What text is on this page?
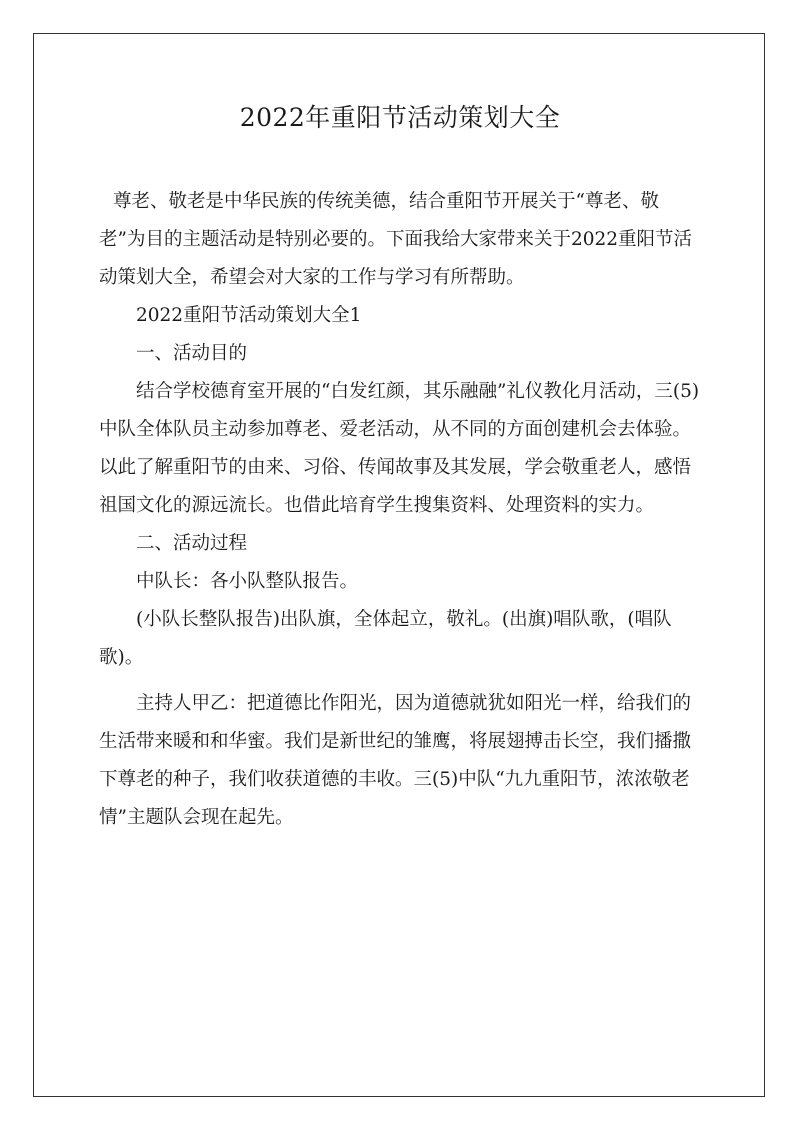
2022年重阳节活动策划大全

尊老、敬老是中华民族的传统美德，结合重阳节开展关于“尊老、敬老”为目的主题活动是特别必要的。下面我给大家带来关于2022重阳节活动策划大全，希望会对大家的工作与学习有所帮助。

2022重阳节活动策划大全1

一、活动目的

结合学校德育室开展的“白发红颜，其乐融融”礼仪教化月活动，三(5)中队全体队员主动参加尊老、爱老活动，从不同的方面创建机会去体验。以此了解重阳节的由来、习俗、传闻故事及其发展，学会敬重老人，感悟祖国文化的源远流长。也借此培育学生搜集资料、处理资料的实力。

二、活动过程

中队长：各小队整队报告。

(小队长整队报告)出队旗，全体起立，敬礼。(出旗)唱队歌，(唱队歌)。

主持人甲乙：把道德比作阳光，因为道德就犹如阳光一样，给我们的生活带来暖和和华蜜。我们是新世纪的雏鹰，将展翅搏击长空，我们播撒下尊老的种子，我们收获道德的丰收。三(5)中队“九九重阳节，浓浓敬老情”主题队会现在起先。
